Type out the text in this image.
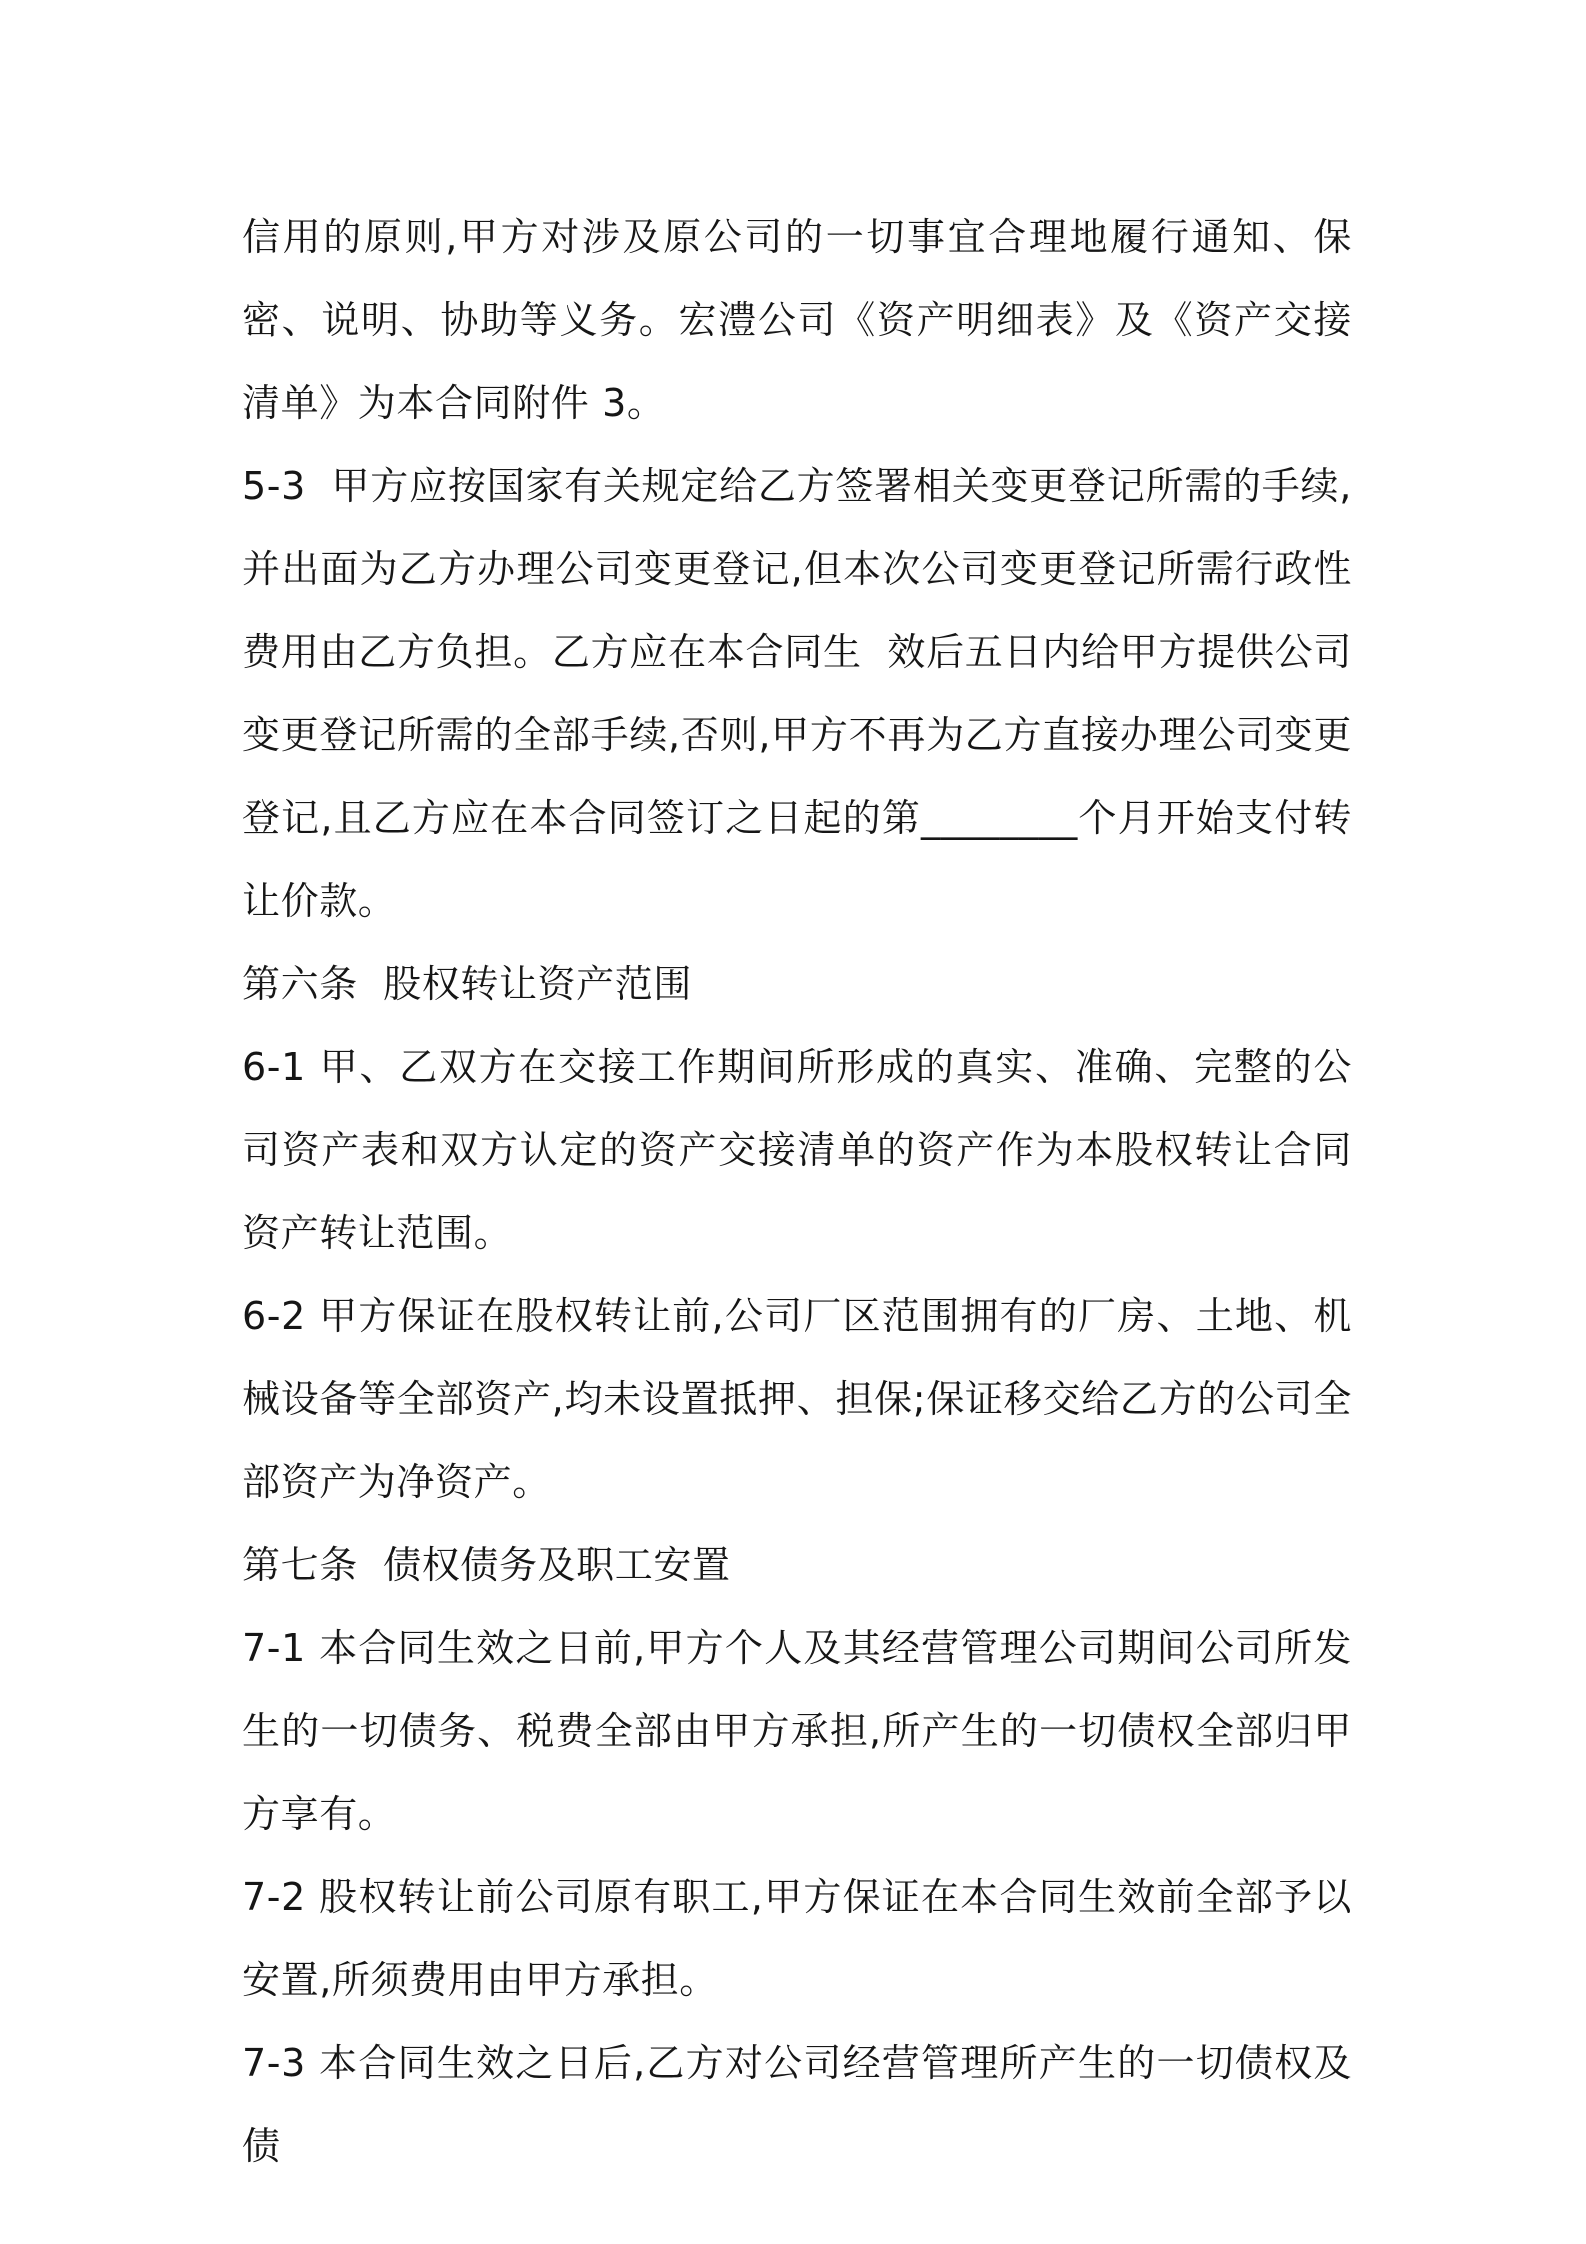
信用的原则,甲方对涉及原公司的一切事宜合理地履行通知、保密、说明、协助等义务。宏澧公司《资产明细表》及《资产交接清单》为本合同附件 3。

5-3  甲方应按国家有关规定给乙方签署相关变更登记所需的手续,并出面为乙方办理公司变更登记,但本次公司变更登记所需行政性费用由乙方负担。乙方应在本合同生  效后五日内给甲方提供公司变更登记所需的全部手续,否则,甲方不再为乙方直接办理公司变更登记,且乙方应在本合同签订之日起的第________个月开始支付转让价款。

第六条  股权转让资产范围

6-1 甲、乙双方在交接工作期间所形成的真实、准确、完整的公司资产表和双方认定的资产交接清单的资产作为本股权转让合同资产转让范围。

6-2 甲方保证在股权转让前,公司厂区范围拥有的厂房、土地、机械设备等全部资产,均未设置抵押、担保;保证移交给乙方的公司全部资产为净资产。

第七条  债权债务及职工安置

7-1 本合同生效之日前,甲方个人及其经营管理公司期间公司所发生的一切债务、税费全部由甲方承担,所产生的一切债权全部归甲方享有。

7-2 股权转让前公司原有职工,甲方保证在本合同生效前全部予以安置,所须费用由甲方承担。

7-3 本合同生效之日后,乙方对公司经营管理所产生的一切债权及债
